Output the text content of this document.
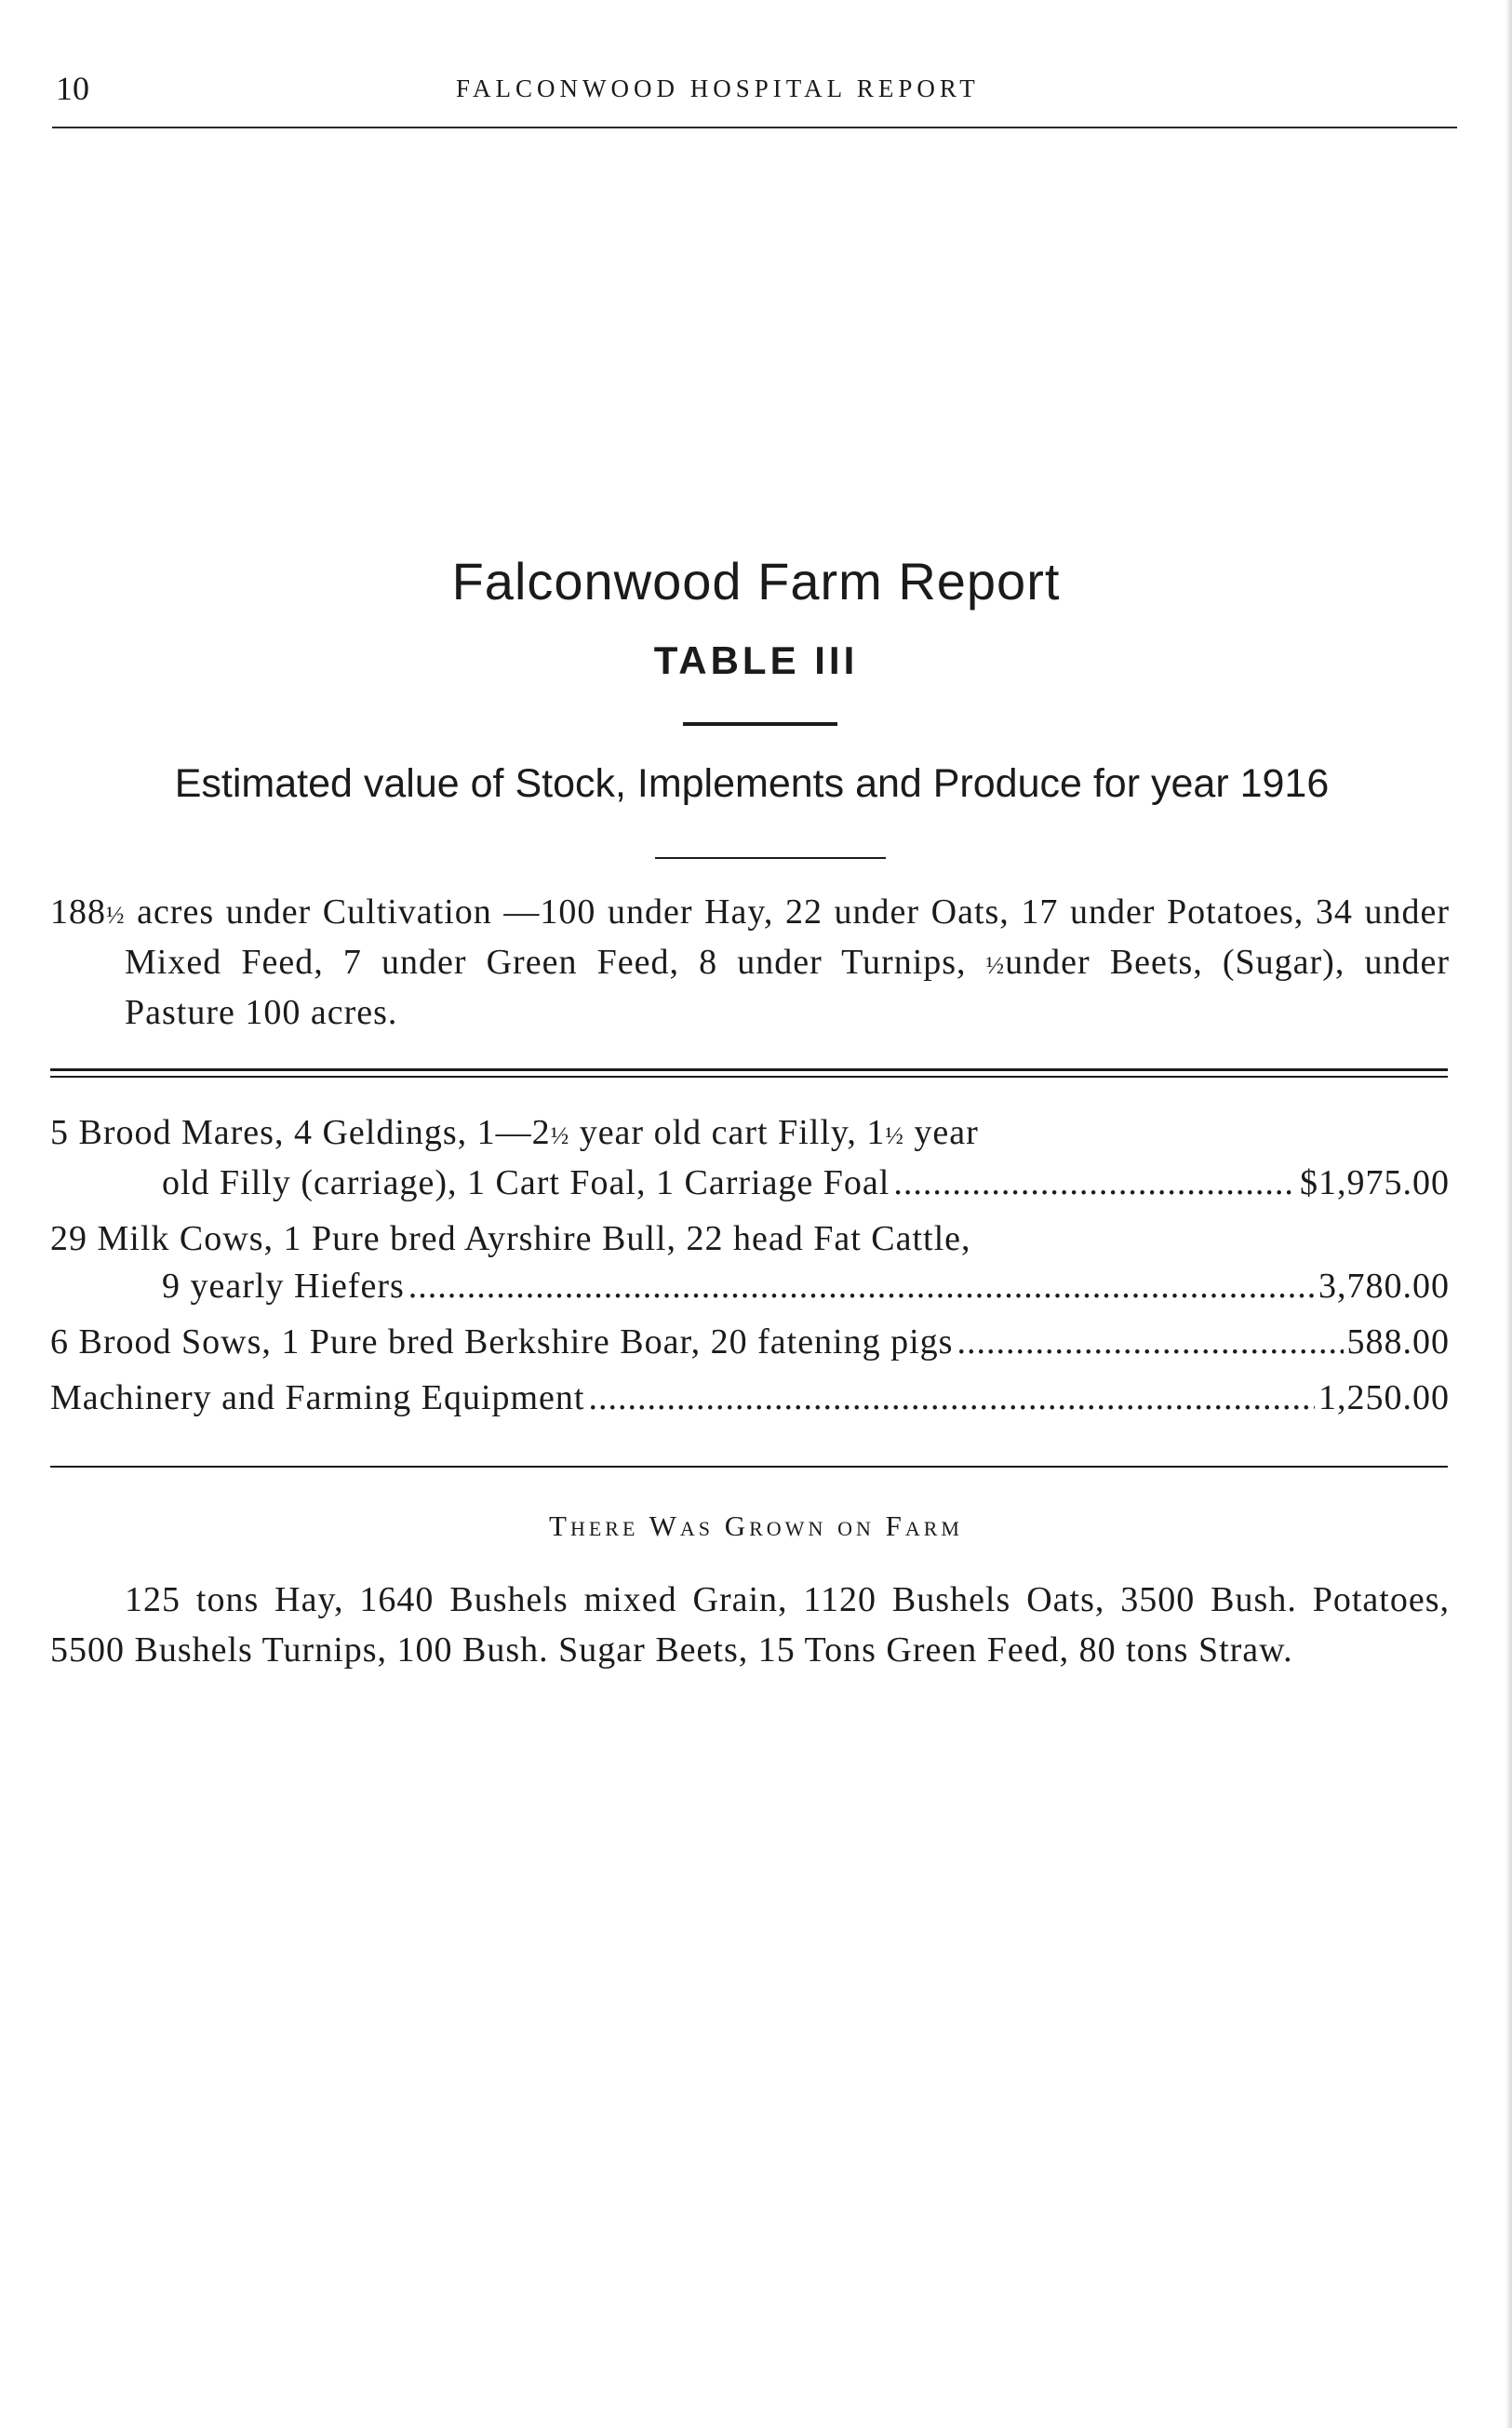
10	FALCONWOOD HOSPITAL REPORT
Falconwood Farm Report
TABLE III
Estimated value of Stock, Implements and Produce for year 1916
188½ acres under Cultivation —100 under Hay, 22 under Oats, 17 under Potatoes, 34 under Mixed Feed, 7 under Green Feed, 8 under Turnips, ½under Beets, (Sugar), under Pasture 100 acres.
5 Brood Mares, 4 Geldings, 1—2½ year old cart Filly, 1½ year
old Filly (carriage), 1 Cart Foal, 1 Carriage Foal .....	$1,975.00
29 Milk Cows, 1 Pure bred Ayrshire Bull, 22 head Fat Cattle,
9 yearly Hiefers .....	3,780.00
6 Brood Sows, 1 Pure bred Berkshire Boar, 20 fatening pigs .....	588.00
Machinery and Farming Equipment .....	1,250.00
There Was Grown on Farm
125 tons Hay, 1640 Bushels mixed Grain, 1120 Bushels Oats, 3500 Bush. Potatoes, 5500 Bushels Turnips, 100 Bush. Sugar Beets, 15 Tons Green Feed, 80 tons Straw.
